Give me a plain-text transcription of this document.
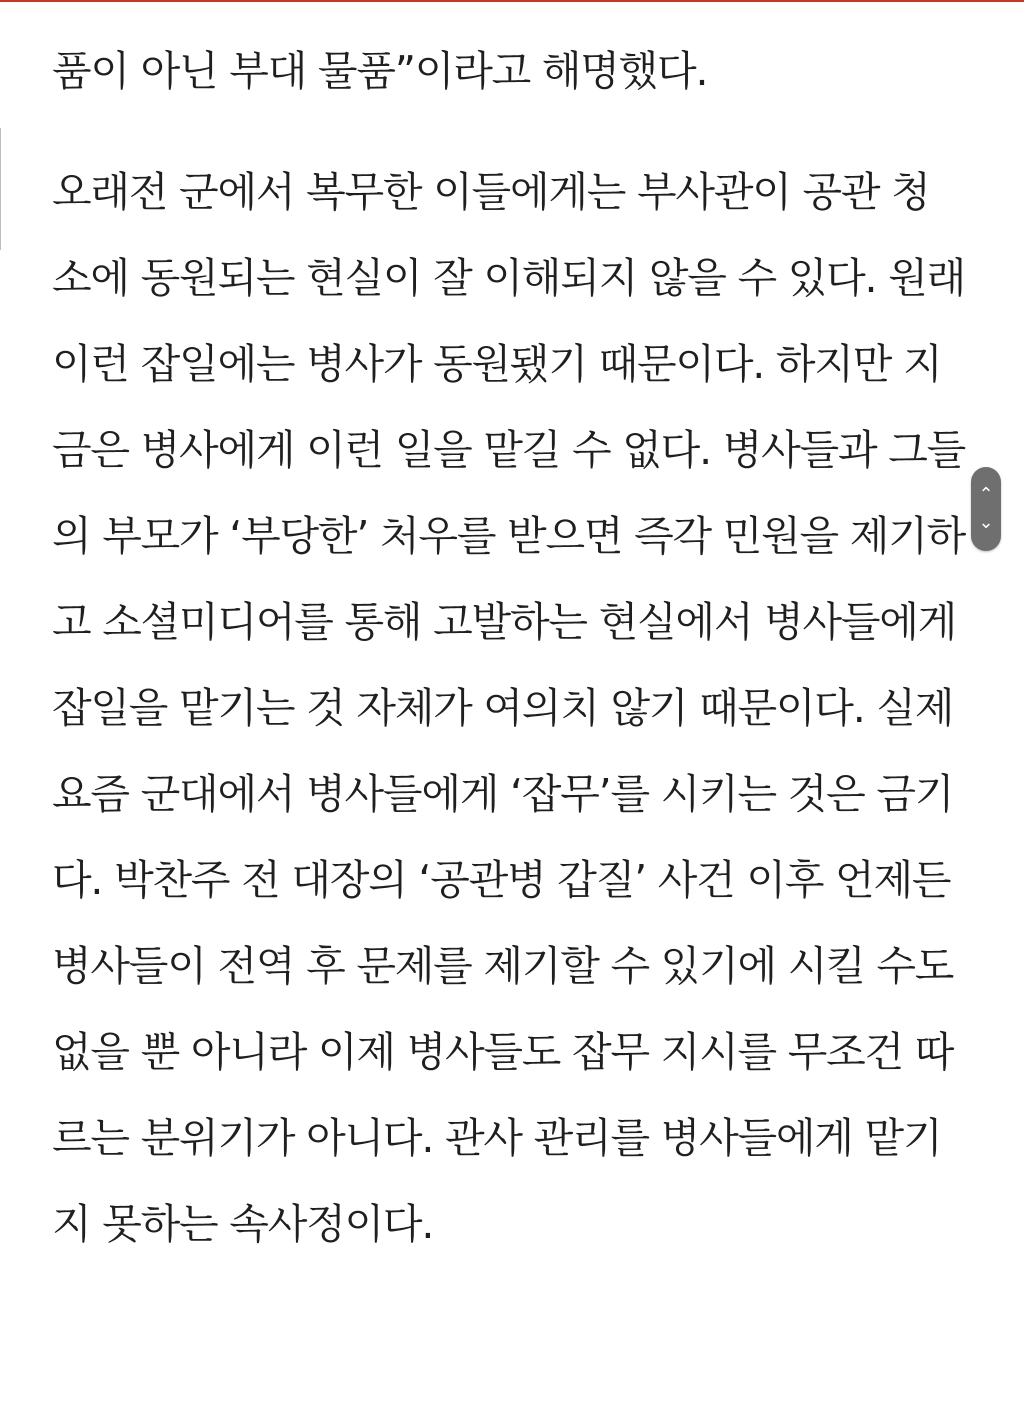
품이 아닌 부대 물품”이라고 해명했다.

오래전 군에서 복무한 이들에게는 부사관이 공관 청
소에 동원되는 현실이 잘 이해되지 않을 수 있다. 원래
이런 잡일에는 병사가 동원됐기 때문이다. 하지만 지
금은 병사에게 이런 일을 맡길 수 없다. 병사들과 그들
의 부모가 ‘부당한’ 처우를 받으면 즉각 민원을 제기하
고 소셜미디어를 통해 고발하는 현실에서 병사들에게
잡일을 맡기는 것 자체가 여의치 않기 때문이다. 실제
요즘 군대에서 병사들에게 ‘잡무’를 시키는 것은 금기
다. 박찬주 전 대장의 ‘공관병 갑질’ 사건 이후 언제든
병사들이 전역 후 문제를 제기할 수 있기에 시킬 수도
없을 뿐 아니라 이제 병사들도 잡무 지시를 무조건 따
르는 분위기가 아니다. 관사 관리를 병사들에게 맡기
지 못하는 속사정이다.

⌃
⌄
